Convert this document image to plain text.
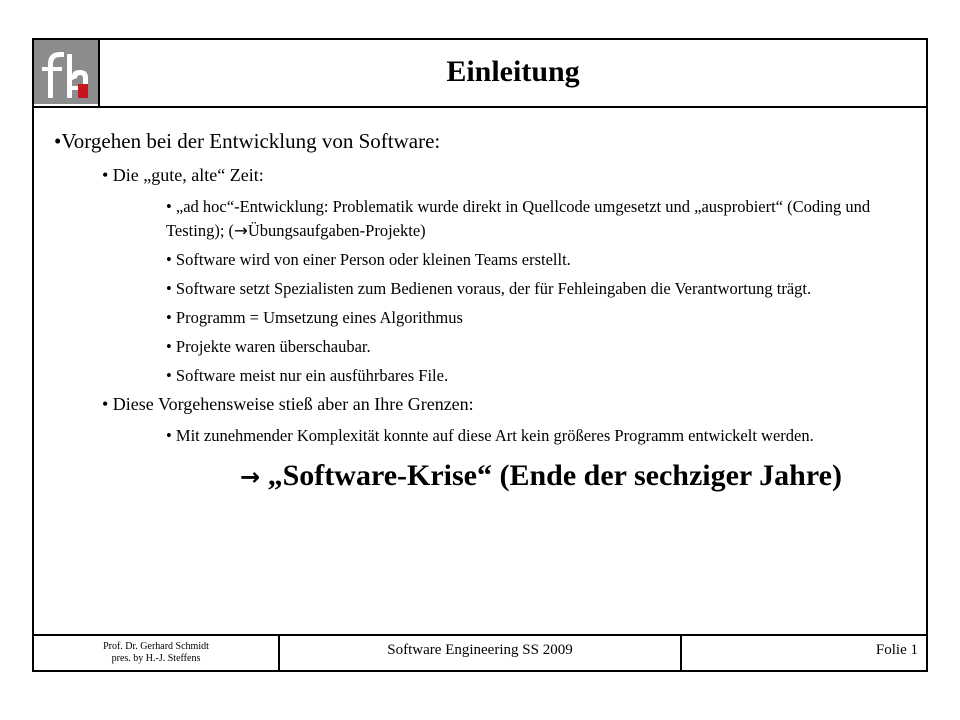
Einleitung
•Vorgehen bei der Entwicklung von Software:
• Die „gute, alte“ Zeit:
• „ad hoc“-Entwicklung: Problematik wurde direkt in Quellcode umgesetzt und „ausprobiert“ (Coding und Testing); (→Übungsaufgaben-Projekte)
• Software wird von einer Person oder kleinen Teams erstellt.
• Software setzt Spezialisten zum Bedienen voraus, der für Fehleingaben die Verantwortung trägt.
• Programm = Umsetzung eines Algorithmus
• Projekte waren überschaubar.
• Software meist nur ein ausführbares File.
• Diese Vorgehensweise stieß aber an Ihre Grenzen:
• Mit zunehmender Komplexität konnte auf diese Art kein größeres Programm entwickelt werden.
→ „Software-Krise“ (Ende der sechziger Jahre)
Prof. Dr. Gerhard Schmidt
pres. by H.-J. Steffens
Software Engineering SS 2009	Folie 1
